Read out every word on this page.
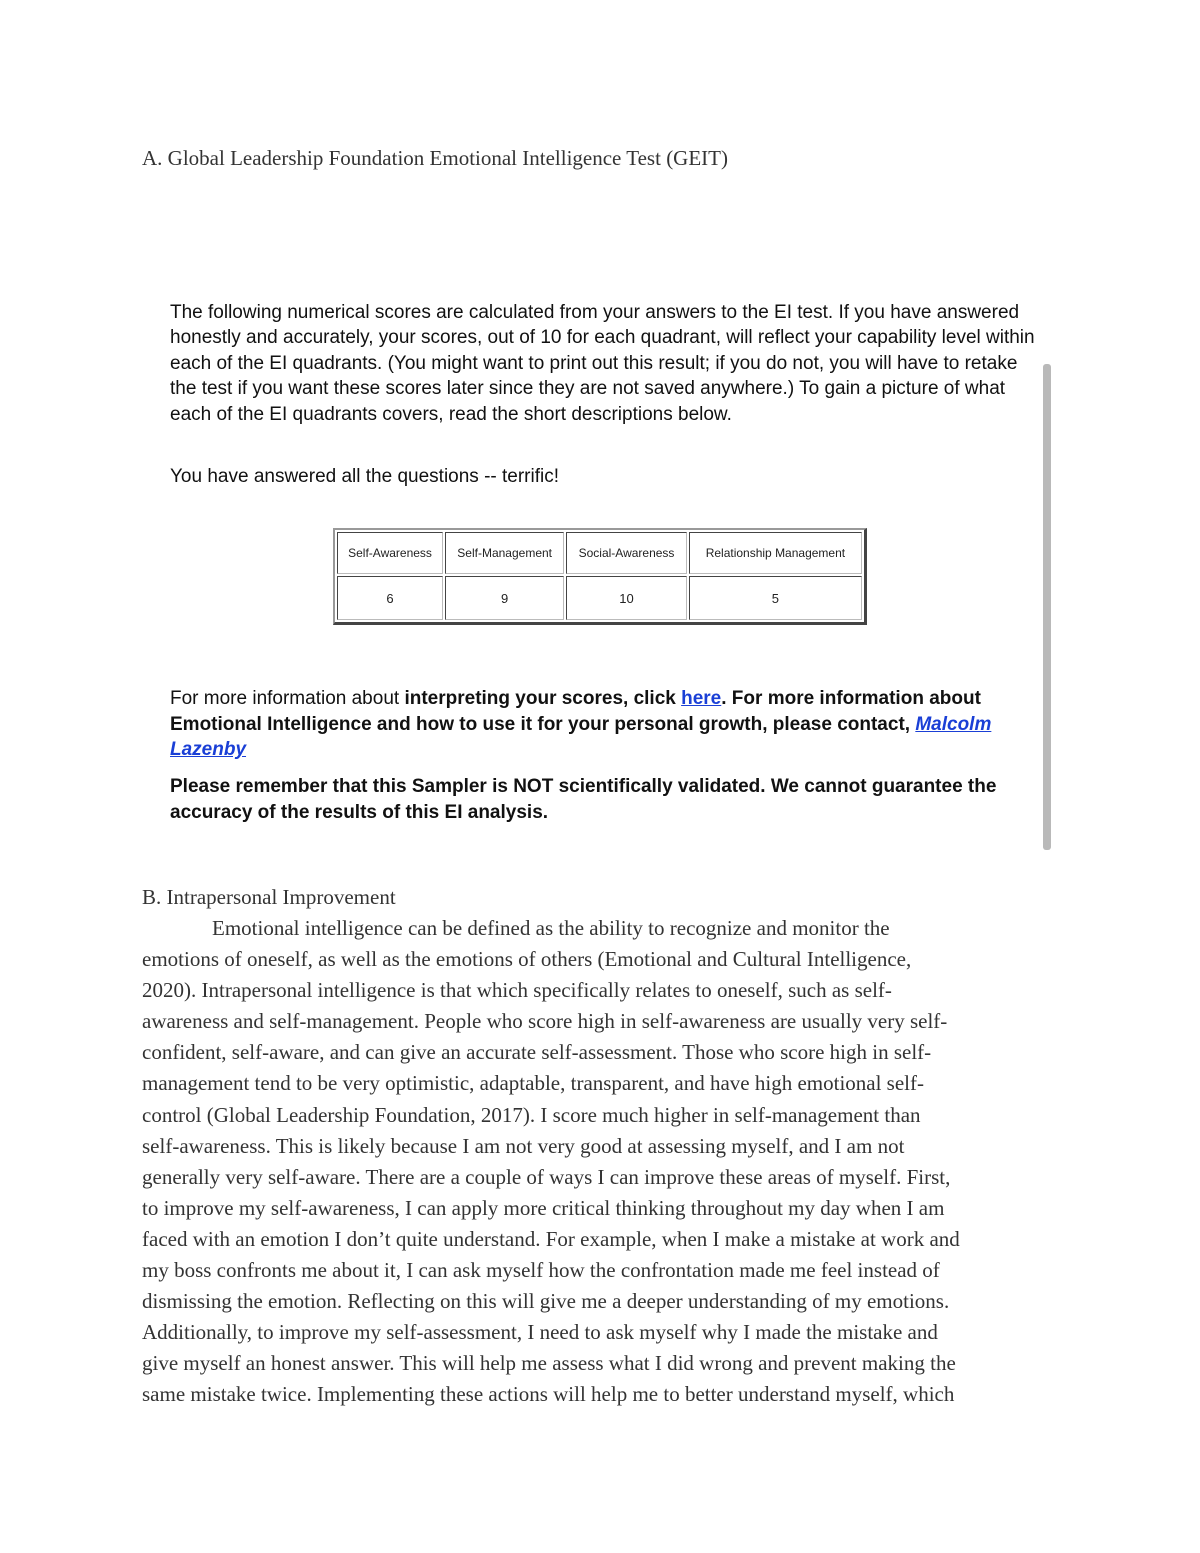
A. Global Leadership Foundation Emotional Intelligence Test (GEIT)

The following numerical scores are calculated from your answers to the EI test. If you have answered honestly and accurately, your scores, out of 10 for each quadrant, will reflect your capability level within each of the EI quadrants. (You might want to print out this result; if you do not, you will have to retake the test if you want these scores later since they are not saved anywhere.) To gain a picture of what each of the EI quadrants covers, read the short descriptions below.

You have answered all the questions -- terrific!

Self-Awareness	Self-Management	Social-Awareness	Relationship Management
6	9	10	5

For more information about interpreting your scores, click here. For more information about Emotional Intelligence and how to use it for your personal growth, please contact, Malcolm Lazenby

Please remember that this Sampler is NOT scientifically validated. We cannot guarantee the accuracy of the results of this EI analysis.

B. Intrapersonal Improvement

Emotional intelligence can be defined as the ability to recognize and monitor the
emotions of oneself, as well as the emotions of others (Emotional and Cultural Intelligence,
2020). Intrapersonal intelligence is that which specifically relates to oneself, such as self-
awareness and self-management. People who score high in self-awareness are usually very self-
confident, self-aware, and can give an accurate self-assessment. Those who score high in self-
management tend to be very optimistic, adaptable, transparent, and have high emotional self-
control (Global Leadership Foundation, 2017). I score much higher in self-management than
self-awareness. This is likely because I am not very good at assessing myself, and I am not
generally very self-aware. There are a couple of ways I can improve these areas of myself. First,
to improve my self-awareness, I can apply more critical thinking throughout my day when I am
faced with an emotion I don’t quite understand. For example, when I make a mistake at work and
my boss confronts me about it, I can ask myself how the confrontation made me feel instead of
dismissing the emotion. Reflecting on this will give me a deeper understanding of my emotions.
Additionally, to improve my self-assessment, I need to ask myself why I made the mistake and
give myself an honest answer. This will help me assess what I did wrong and prevent making the
same mistake twice. Implementing these actions will help me to better understand myself, which
